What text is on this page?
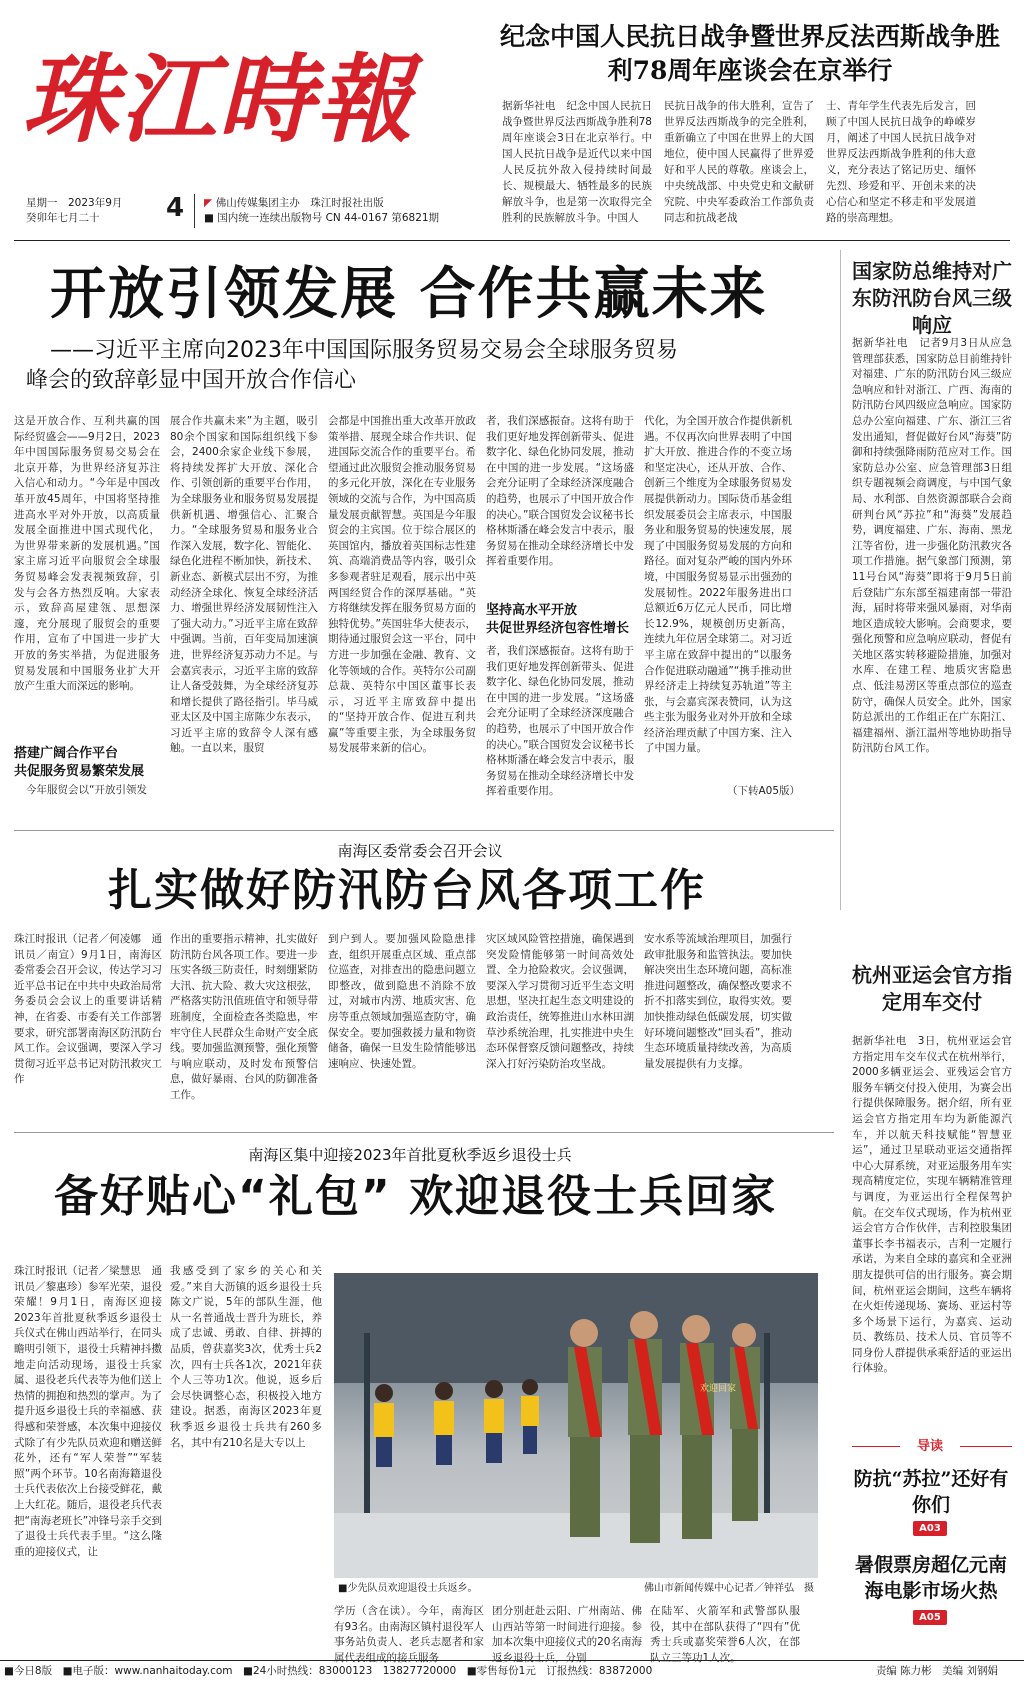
珠江時報
纪念中国人民抗日战争暨世界反法西斯战争胜利78周年座谈会在京举行
据新华社电　纪念中国人民抗日战争暨世界反法西斯战争胜利78周年座谈会3日在北京举行。中国人民抗日战争是近代以来中国人民反抗外敌入侵持续时间最长、规模最大、牺牲最多的民族解放斗争，也是第一次取得完全胜利的民族解放斗争。中国人
民抗日战争的伟大胜利，宣告了世界反法西斯战争的完全胜利，重新确立了中国在世界上的大国地位，使中国人民赢得了世界爱好和平人民的尊敬。座谈会上，中央统战部、中央党史和文献研究院、中央军委政治工作部负责同志和抗战老战
士、青年学生代表先后发言，回顾了中国人民抗日战争的峥嵘岁月，阐述了中国人民抗日战争对世界反法西斯战争胜利的伟大意义，充分表达了铭记历史、缅怀先烈、珍爱和平、开创未来的决心信心和坚定不移走和平发展道路的崇高理想。
星期一　2023年9月
癸卯年七月二十	4 ◤ 佛山传媒集团主办　珠江时报社出版
■ 国内统一连续出版物号 CN 44-0167 第6821期
开放引领发展 合作共赢未来
——习近平主席向2023年中国国际服务贸易交易会全球服务贸易
峰会的致辞彰显中国开放合作信心
这是开放合作、互利共赢的国际经贸盛会——9月2日，2023年中国国际服务贸易交易会在北京开幕，为世界经济复苏注入信心和动力。“今年是中国改革开放45周年，中国将坚持推进高水平对外开放，以高质量发展全面推进中国式现代化，为世界带来新的发展机遇。”国家主席习近平向服贸会全球服务贸易峰会发表视频致辞，引发与会各方热烈反响。大家表示，致辞高屋建瓴、思想深邃，充分展现了服贸会的重要作用，宣布了中国进一步扩大开放的务实举措，为促进服务贸易发展和中国服务业扩大开放产生重大而深远的影响。
搭建广阔合作平台
共促服务贸易繁荣发展
今年服贸会以“开放引领发
展合作共赢未来”为主题，吸引80余个国家和国际组织线下参会，2400余家企业线下参展，将持续发挥扩大开放、深化合作、引领创新的重要平台作用，为全球服务业和服务贸易发展提供新机遇、增强信心、汇聚合力。“全球服务贸易和服务业合作深入发展，数字化、智能化、绿色化进程不断加快，新技术、新业态、新模式层出不穷，为推动经济全球化、恢复全球经济活力、增强世界经济发展韧性注入了强大动力。”习近平主席在致辞中强调。当前，百年变局加速演进，世界经济复苏动力不足。与会嘉宾表示，习近平主席的致辞让人备受鼓舞，为全球经济复苏和增长提供了路径指引。毕马威亚太区及中国主席陈少东表示，习近平主席的致辞令人深有感触。一直以来，服贸
会都是中国推出重大改革开放政策举措、展现全球合作共识、促进国际交流合作的重要平台。希望通过此次服贸会推动服务贸易的多元化开放，深化在专业服务领域的交流与合作，为中国高质量发展贡献智慧。英国是今年服贸会的主宾国。位于综合展区的英国馆内，播放着英国标志性建筑、高端消费品等内容，吸引众多参观者驻足观看，展示出中英两国经贸合作的深厚基础。“英方将继续发挥在服务贸易方面的独特优势。”英国驻华大使表示，期待通过服贸会这一平台，同中方进一步加强在金融、教育、文化等领域的合作。英特尔公司副总裁、英特尔中国区董事长表示，习近平主席致辞中提出的“坚持开放合作、促进互利共赢”等重要主张，为全球服务贸易发展带来新的信心。
者，我们深感振奋。这将有助于我们更好地发挥创新带头、促进数字化、绿色化协同发展，推动在中国的进一步发展。“这场盛会充分证明了全球经济深度融合的趋势，也展示了中国开放合作的决心。”联合国贸发会议秘书长格林斯潘在峰会发言中表示，服务贸易在推动全球经济增长中发挥着重要作用。
坚持高水平开放
共促世界经济包容性增长
者，我们深感振奋。这将有助于我们更好地发挥创新带头、促进数字化、绿色化协同发展，推动在中国的进一步发展。“这场盛会充分证明了全球经济深度融合的趋势，也展示了中国开放合作的决心。”联合国贸发会议秘书长格林斯潘在峰会发言中表示，服务贸易在推动全球经济增长中发挥着重要作用。
代化，为全国开放合作提供新机遇。不仅再次向世界表明了中国扩大开放、推进合作的不变立场和坚定决心，还从开放、合作、创新三个维度为全球服务贸易发展提供新动力。国际货币基金组织发展委员会主席表示，中国服务业和服务贸易的快速发展，展现了中国服务贸易发展的方向和路径。面对复杂严峻的国内外环境，中国服务贸易显示出强劲的发展韧性。2022年服务进出口总额近6万亿元人民币，同比增长12.9%，规模创历史新高，连续九年位居全球第二。对习近平主席在致辞中提出的“以服务合作促进联动融通”“携手推动世界经济走上持续复苏轨道”等主张，与会嘉宾深表赞同，认为这些主张为服务业对外开放和全球经济治理贡献了中国方案、注入了中国力量。
（下转A05版）
国家防总维持对广东防汛防台风三级响应
据新华社电　记者9月3日从应急管理部获悉，国家防总目前维持针对福建、广东的防汛防台风三级应急响应和针对浙江、广西、海南的防汛防台风四级应急响应。国家防总办公室向福建、广东、浙江三省发出通知，督促做好台风“海葵”防御和持续强降雨防范应对工作。国家防总办公室、应急管理部3日组织专题视频会商调度，与中国气象局、水利部、自然资源部联合会商研判台风“苏拉”和“海葵”发展趋势，调度福建、广东、海南、黑龙江等省份，进一步强化防汛救灾各项工作措施。据气象部门预测，第11号台风“海葵”即将于9月5日前后登陆广东东部至福建南部一带沿海，届时将带来强风暴雨，对华南地区造成较大影响。会商要求，要强化预警和应急响应联动，督促有关地区落实转移避险措施，加强对水库、在建工程、地质灾害隐患点、低洼易涝区等重点部位的巡查防守，确保人员安全。此外，国家防总派出的工作组正在广东阳江、福建福州、浙江温州等地协助指导防汛防台风工作。
南海区委常委会召开会议
扎实做好防汛防台风各项工作
珠江时报讯（记者／何凌娜　通讯员／南宣）9月1日，南海区委常委会召开会议，传达学习习近平总书记在中共中央政治局常务委员会会议上的重要讲话精神，在省委、市委有关工作部署要求，研究部署南海区防汛防台风工作。会议强调，要深入学习贯彻习近平总书记对防汛救灾工作
作出的重要指示精神，扎实做好防汛防台风各项工作。要进一步压实各级三防责任，时刻绷紧防大汛、抗大险、救大灾这根弦，严格落实防汛值班值守和领导带班制度，全面检查各类隐患，牢牢守住人民群众生命财产安全底线。要加强监测预警，强化预警与响应联动，及时发布预警信息，做好暴雨、台风的防御准备工作。
到户到人。要加强风险隐患排查，组织开展重点区域、重点部位巡查，对排查出的隐患问题立即整改，做到隐患不消除不放过，对城市内涝、地质灾害、危房等重点领域加强巡查防守，确保安全。要加强救援力量和物资储备，确保一旦发生险情能够迅速响应、快速处置。
灾区域风险管控措施，确保遇到突发险情能够第一时间高效处置、全力抢险救灾。会议强调，要深入学习贯彻习近平生态文明思想，坚决扛起生态文明建设的政治责任，统筹推进山水林田湖草沙系统治理，扎实推进中央生态环保督察反馈问题整改，持续深入打好污染防治攻坚战。
安水系等流域治理项目，加强行政审批服务和监管执法。要加快解决突出生态环境问题，高标准推进问题整改，确保整改要求不折不扣落实到位，取得实效。要加快推动绿色低碳发展，切实做好环境问题整改“回头看”，推动生态环境质量持续改善，为高质量发展提供有力支撑。
杭州亚运会官方指定用车交付
据新华社电　3日，杭州亚运会官方指定用车交车仪式在杭州举行，2000多辆亚运会、亚残运会官方服务车辆交付投入使用，为赛会出行提供保障服务。据介绍，所有亚运会官方指定用车均为新能源汽车，并以航天科技赋能“智慧亚运”，通过卫星联动亚运交通指挥中心大屏系统，对亚运服务用车实现高精度定位，实现车辆精准管理与调度，为亚运出行全程保驾护航。在交车仪式现场，作为杭州亚运会官方合作伙伴，吉利控股集团董事长李书福表示，吉利一定履行承诺，为来自全球的嘉宾和全亚洲朋友提供可信的出行服务。赛会期间，杭州亚运会期间，这些车辆将在火炬传递现场、赛场、亚运村等多个场景下运行，为嘉宾、运动员、教练员、技术人员、官员等不同身份人群提供承乘舒适的亚运出行体验。
南海区集中迎接2023年首批夏秋季返乡退役士兵
备好贴心“礼包” 欢迎退役士兵回家
珠江时报讯（记者／梁慧思　通讯员／黎惠珍）参军光荣，退役荣耀！9月1日，南海区迎接2023年首批夏秋季返乡退役士兵仪式在佛山西站举行，在同头瞻明引领下，退役士兵精神抖擞地走向活动现场，退役士兵家属、退役老兵代表等为他们送上热情的拥抱和热烈的掌声。为了提升返乡退役士兵的幸福感、获得感和荣誉感，本次集中迎接仪式除了有少先队员欢迎和赠送鲜花外，还有“军人荣誉”“军装照”两个环节。10名南海籍退役士兵代表依次上台接受鲜花，戴上大红花。随后，退役老兵代表把“南海老班长”冲锋号亲手交到了退役士兵代表手里。“这么隆重的迎接仪式，让
我感受到了家乡的关心和关爱。”来自大沥镇的返乡退役士兵陈文广说，5年的部队生涯，他从一名普通战士晋升为班长，养成了忠诚、勇敢、自律、拼搏的品质，曾获嘉奖3次，优秀士兵2次，四有士兵各1次，2021年获个人三等功1次。他说，返乡后会尽快调整心态，积极投入地方建设。据悉，南海区2023年夏秋季返乡退役士兵共有260多名，其中有210名是大专以上
欢迎回家
■少先队员欢迎退役士兵返乡。	佛山市新闻传媒中心记者／钟祥弘　摄
学历（含在读）。今年，南海区有93名。由南海区镇村退役军人事务站负责人、老兵志愿者和家属代表组成的接兵服务
团分别赶赴云阳、广州南站、佛山西站等第一时间进行迎接。参加本次集中迎接仪式的20名南海返乡退役士兵，分别
在陆军、火箭军和武警部队服役，其中在部队获得了“四有”优秀士兵或嘉奖荣誉6人次，在部队立三等功1人次。
导读
防抗“苏拉”还好有你们
A03
暑假票房超亿元南海电影市场火热
A05
■今日8版　■电子版：www.nanhaitoday.com　■24小时热线：83000123　13827720000　■零售每份1元　订报热线：83872000	责编 陈力彬　美编 刘钢娟
